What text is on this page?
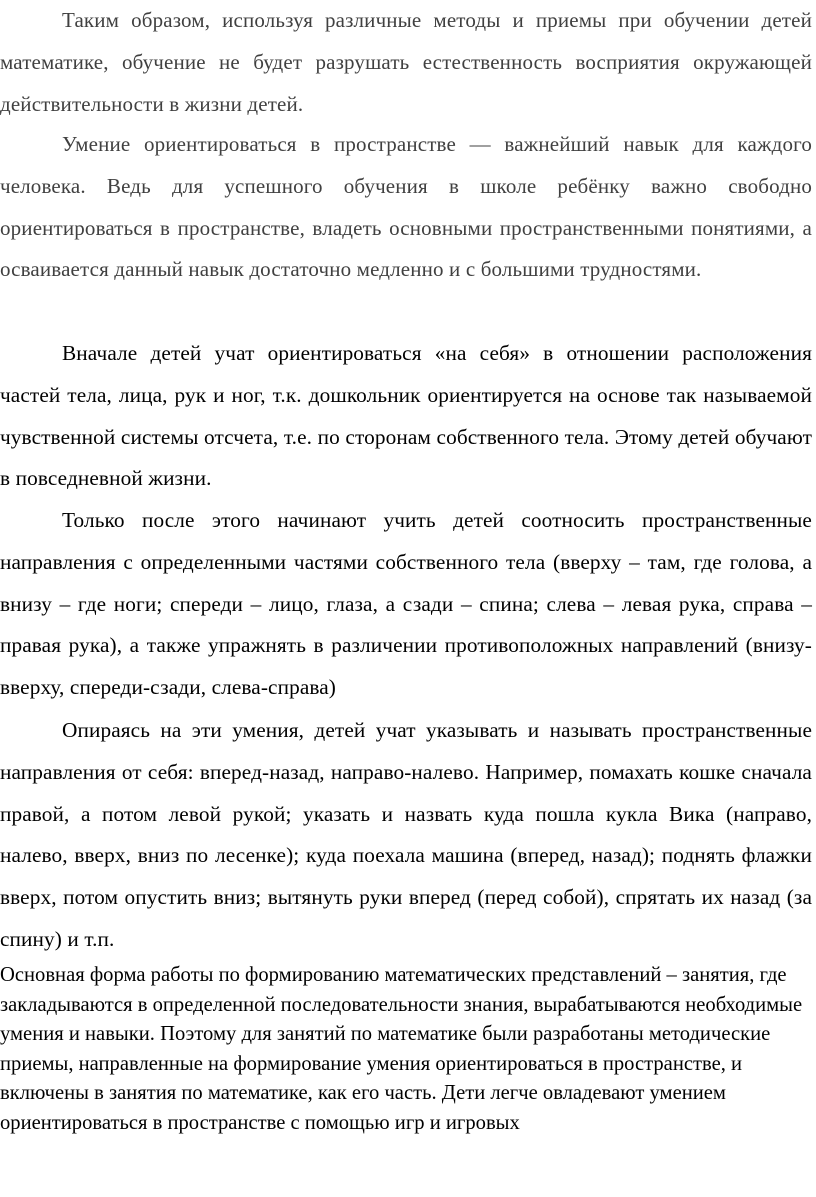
Таким образом, используя различные методы и приемы при обучении детей математике, обучение не будет разрушать естественность восприятия окружающей действительности в жизни детей.

Умение ориентироваться в пространстве — важнейший навык для каждого человека. Ведь для успешного обучения в школе ребёнку важно свободно ориентироваться в пространстве, владеть основными пространственными понятиями, а осваивается данный навык достаточно медленно и с большими трудностями.

Вначале детей учат ориентироваться «на себя» в отношении расположения частей тела, лица, рук и ног, т.к. дошкольник ориентируется на основе так называемой чувственной системы отсчета, т.е. по сторонам собственного тела. Этому детей обучают в повседневной жизни.

Только после этого начинают учить детей соотносить пространственные направления с определенными частями собственного тела (вверху – там, где голова, а внизу – где ноги; спереди – лицо, глаза, а сзади – спина; слева – левая рука, справа – правая рука), а также упражнять в различении противоположных направлений (внизу-вверху, спереди-сзади, слева-справа)

Опираясь на эти умения, детей учат указывать и называть пространственные направления от себя: вперед-назад, направо-налево. Например, помахать кошке сначала правой, а потом левой рукой; указать и назвать куда пошла кукла Вика (направо, налево, вверх, вниз по лесенке); куда поехала машина (вперед, назад); поднять флажки вверх, потом опустить вниз; вытянуть руки вперед (перед собой), спрятать их назад (за спину) и т.п.

Основная форма работы по формированию математических представлений – занятия, где закладываются в определенной последовательности знания, вырабатываются необходимые умения и навыки. Поэтому для занятий по математике были разработаны методические приемы, направленные на формирование умения ориентироваться в пространстве, и включены в занятия по математике, как его часть. Дети легче овладевают умением ориентироваться в пространстве с помощью игр и игровых
